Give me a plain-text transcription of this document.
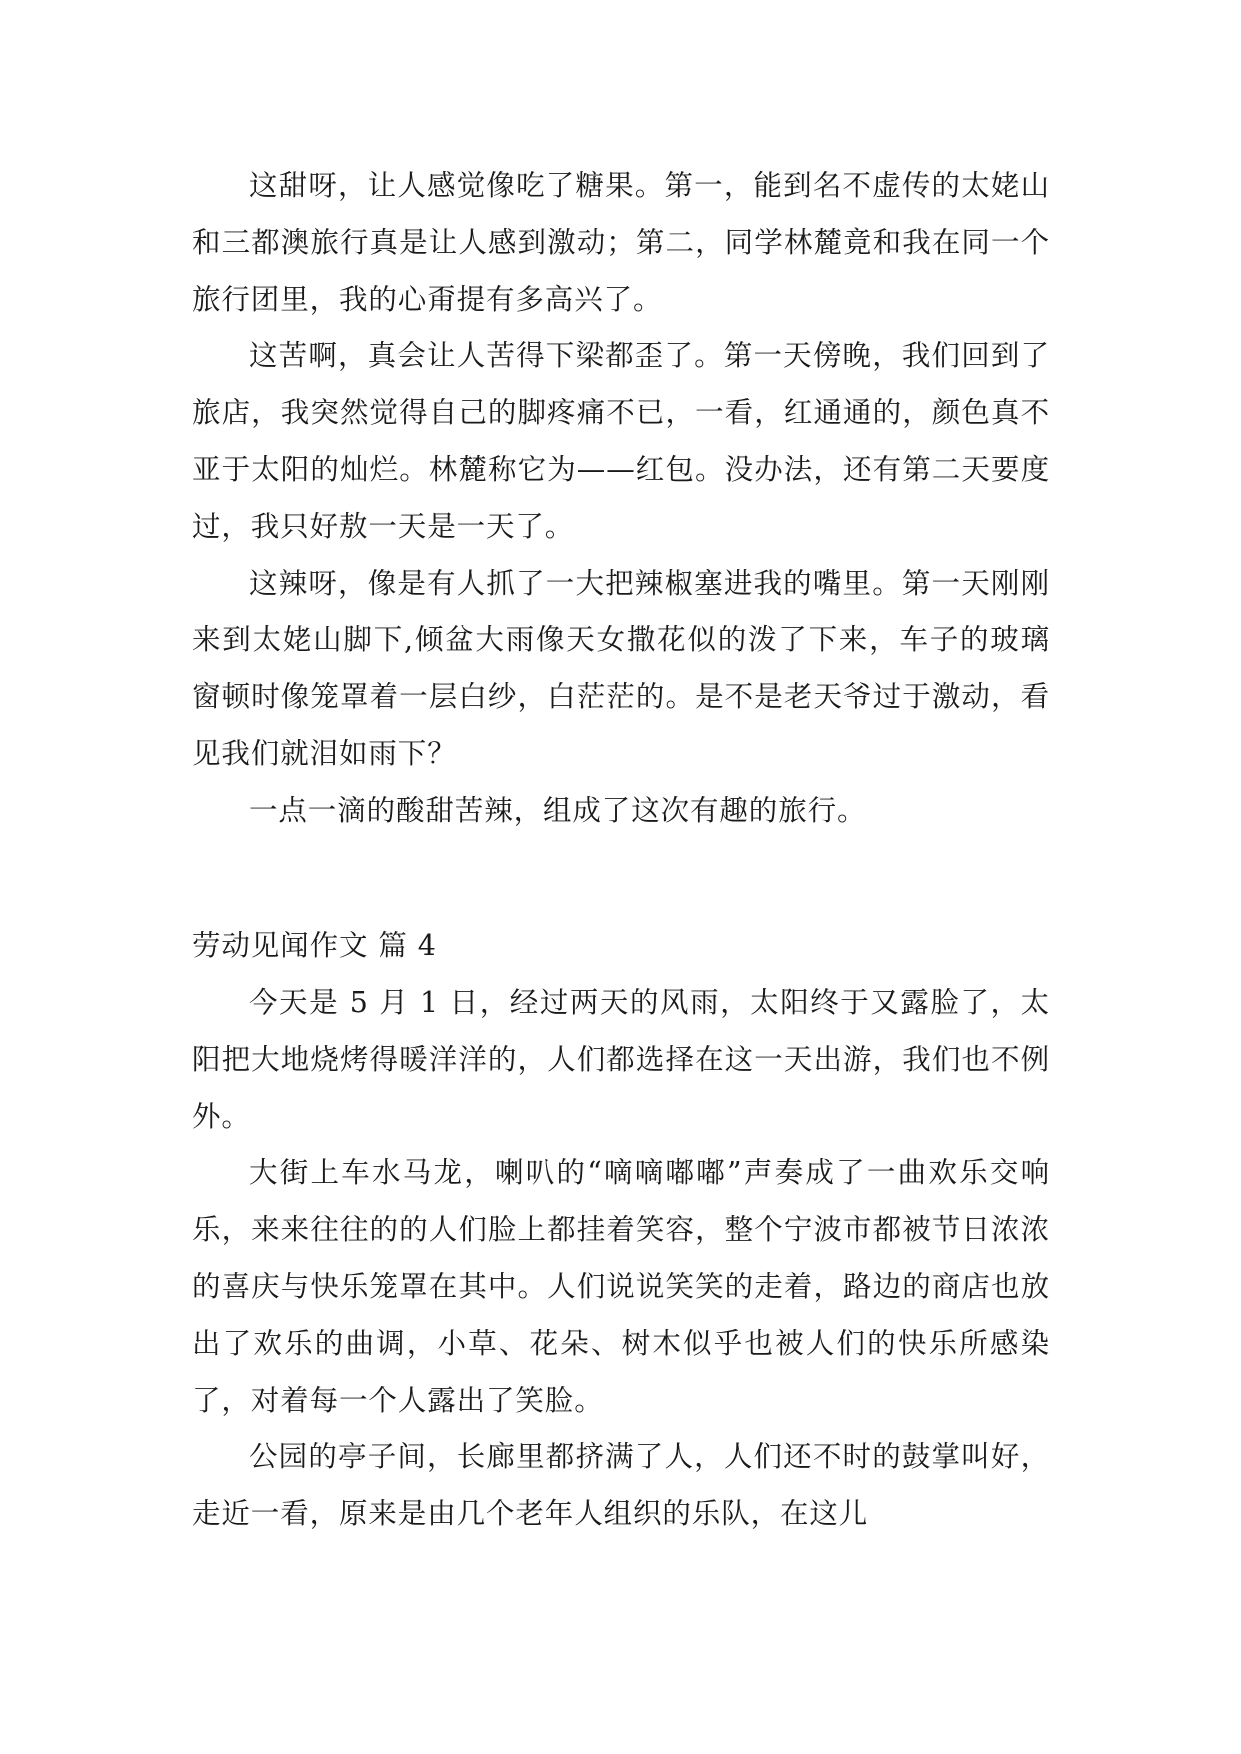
这甜呀，让人感觉像吃了糖果。第一，能到名不虚传的太姥山和三都澳旅行真是让人感到激动；第二，同学林麓竟和我在同一个旅行团里，我的心甭提有多高兴了。

这苦啊，真会让人苦得下梁都歪了。第一天傍晚，我们回到了旅店，我突然觉得自己的脚疼痛不已，一看，红通通的，颜色真不亚于太阳的灿烂。林麓称它为——红包。没办法，还有第二天要度过，我只好敖一天是一天了。

这辣呀，像是有人抓了一大把辣椒塞进我的嘴里。第一天刚刚来到太姥山脚下,倾盆大雨像天女撒花似的泼了下来，车子的玻璃窗顿时像笼罩着一层白纱，白茫茫的。是不是老天爷过于激动，看见我们就泪如雨下？

一点一滴的酸甜苦辣，组成了这次有趣的旅行。

劳动见闻作文 篇 4

今天是 5 月 1 日，经过两天的风雨，太阳终于又露脸了，太阳把大地烧烤得暖洋洋的，人们都选择在这一天出游，我们也不例外。

大街上车水马龙，喇叭的“嘀嘀嘟嘟”声奏成了一曲欢乐交响乐，来来往往的的人们脸上都挂着笑容，整个宁波市都被节日浓浓的喜庆与快乐笼罩在其中。人们说说笑笑的走着，路边的商店也放出了欢乐的曲调，小草、花朵、树木似乎也被人们的快乐所感染了，对着每一个人露出了笑脸。

公园的亭子间，长廊里都挤满了人，人们还不时的鼓掌叫好，走近一看，原来是由几个老年人组织的乐队，在这儿
